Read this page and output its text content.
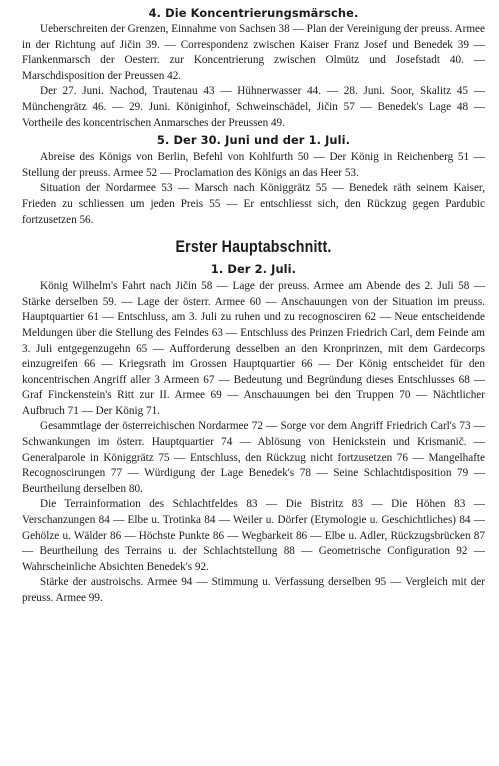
4. Die Koncentrierungsmärsche.

Ueberschreiten der Grenzen, Einnahme von Sachsen 38 — Plan der Vereinigung der preuss. Armee in der Richtung auf Jičin 39. — Correspondenz zwischen Kaiser Franz Josef und Benedek 39 — Flankenmarsch der Oesterr. zur Koncentrierung zwischen Olmütz und Josefstadt 40. — Marschdisposition der Preussen 42.

Der 27. Juni. Nachod, Trautenau 43 — Hühnerwasser 44. — 28. Juni. Soor, Skalitz 45 — Münchengrätz 46. — 29. Juni. Königinhof, Schweinschädel, Jičin 57 — Benedek's Lage 48 — Vortheile des koncentrischen Anmarsches der Preussen 49.

5. Der 30. Juni und der 1. Juli.

Abreise des Königs von Berlin, Befehl von Kohlfurth 50 — Der König in Reichenberg 51 — Stellung der preuss. Armee 52 — Proclamation des Königs an das Heer 53.

Situation der Nordarmee 53 — Marsch nach Königgrätz 55 — Benedek räth seinem Kaiser, Frieden zu schliessen um jeden Preis 55 — Er entschliesst sich, den Rückzug gegen Pardubic fortzusetzen 56.

Erster Hauptabschnitt.
1. Der 2. Juli.

König Wilhelm's Fahrt nach Jičin 58 — Lage der preuss. Armee am Abende des 2. Juli 58 — Stärke derselben 59. — Lage der österr. Armee 60 — Anschauungen von der Situation im preuss. Hauptquartier 61 — Entschluss, am 3. Juli zu ruhen und zu recognosciren 62 — Neue entscheidende Meldungen über die Stellung des Feindes 63 — Entschluss des Prinzen Friedrich Carl, dem Feinde am 3. Juli entgegenzugehn 65 — Aufforderung desselben an den Kronprinzen, mit dem Gardecorps einzugreifen 66 — Kriegsrath im Grossen Hauptquartier 66 — Der König entscheidet für den koncentrischen Angriff aller 3 Armeen 67 — Bedeutung und Begründung dieses Entschlusses 68 — Graf Finckenstein's Ritt zur II. Armee 69 — Anschauungen bei den Truppen 70 — Nächtlicher Aufbruch 71 — Der König 71.

Gesammtlage der österreichischen Nordarmee 72 — Sorge vor dem Angriff Friedrich Carl's 73 — Schwankungen im österr. Hauptquartier 74 — Ablösung von Henickstein und Krismanič. — Generalparole in Königgrätz 75 — Entschluss, den Rückzug nicht fortzusetzen 76 — Mangelhafte Recognoscirungen 77 — Würdigung der Lage Benedek's 78 — Seine Schlachtdisposition 79 — Beurtheilung derselben 80.

Die Terrainformation des Schlachtfeldes 83 — Die Bistritz 83 — Die Höhen 83 — Verschanzungen 84 — Elbe u. Trotinka 84 — Weiler u. Dörfer (Etymologie u. Geschichtliches) 84 — Gehölze u. Wälder 86 — Höchste Punkte 86 — Wegbarkeit 86 — Elbe u. Adler, Rückzugsbrücken 87 — Beurtheilung des Terrains u. der Schlachtstellung 88 — Geometrische Configuration 92 — Wahrscheinliche Absichten Benedek's 92.

Stärke der austroischs. Armee 94 — Stimmung u. Verfassung derselben 95 — Vergleich mit der preuss. Armee 99.
